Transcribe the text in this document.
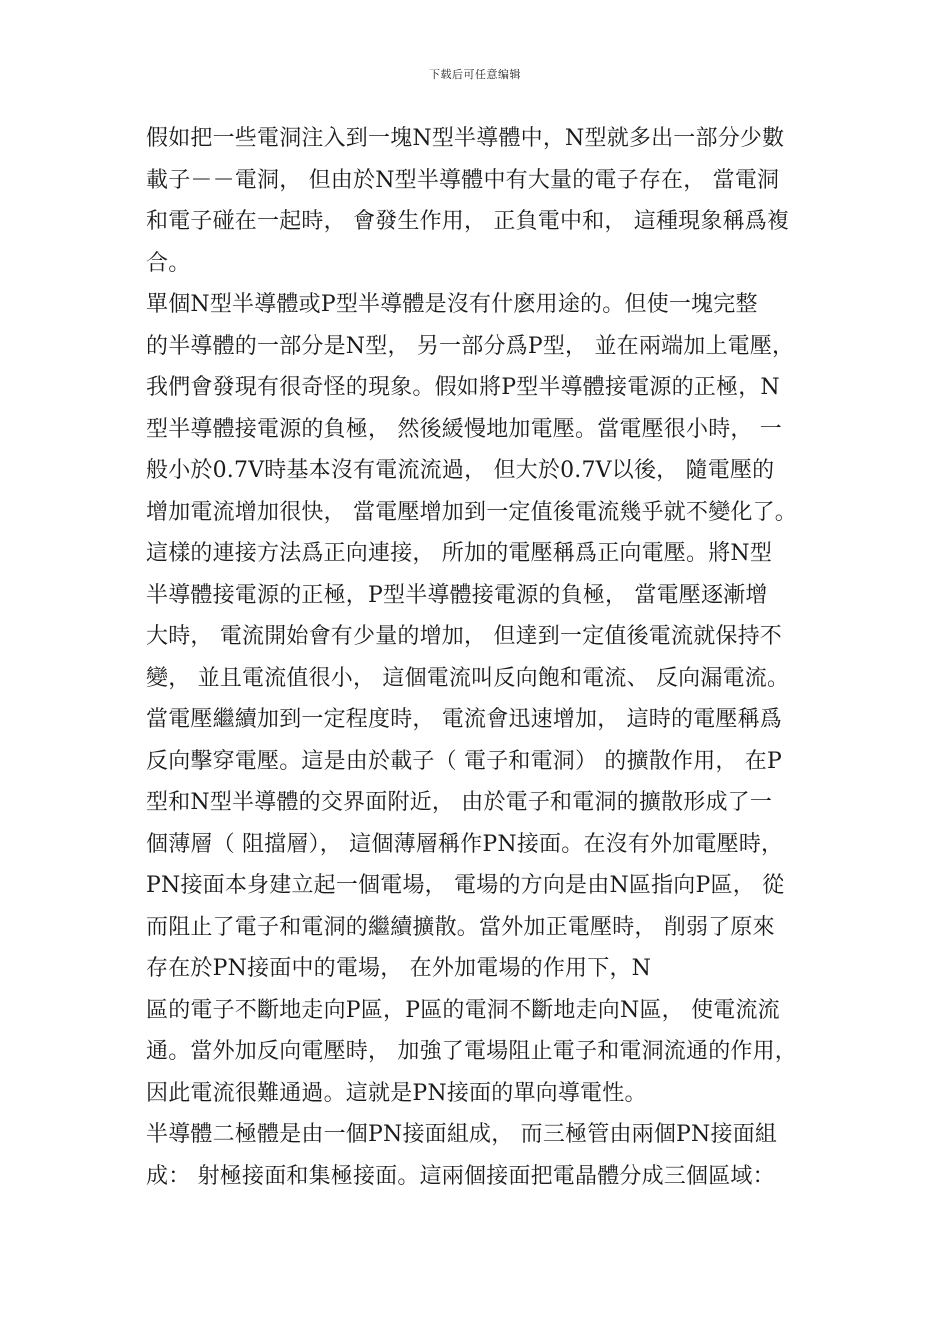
下载后可任意编辑
假如把一些電洞注入到一塊N型半導體中，N型就多出一部分少數
載子－－電洞， 但由於N型半導體中有大量的電子存在， 當電洞
和電子碰在一起時， 會發生作用， 正負電中和， 這種現象稱爲複
合。
單個N型半導體或P型半導體是沒有什麽用途的。但使一塊完整
的半導體的一部分是N型， 另一部分爲P型， 並在兩端加上電壓，
我們會發現有很奇怪的現象。假如將P型半導體接電源的正極，N
型半導體接電源的負極， 然後緩慢地加電壓。當電壓很小時， 一
般小於0.7V時基本沒有電流流過， 但大於0.7V以後， 隨電壓的
增加電流增加很快， 當電壓增加到一定值後電流幾乎就不變化了。
這樣的連接方法爲正向連接， 所加的電壓稱爲正向電壓。將N型
半導體接電源的正極，P型半導體接電源的負極， 當電壓逐漸增
大時， 電流開始會有少量的增加， 但達到一定值後電流就保持不
變， 並且電流值很小， 這個電流叫反向飽和電流、 反向漏電流。
當電壓繼續加到一定程度時， 電流會迅速增加， 這時的電壓稱爲
反向擊穿電壓。這是由於載子（ 電子和電洞） 的擴散作用， 在P
型和N型半導體的交界面附近， 由於電子和電洞的擴散形成了一
個薄層（ 阻擋層）， 這個薄層稱作PN接面。在沒有外加電壓時，
PN接面本身建立起一個電場， 電場的方向是由N區指向P區， 從
而阻止了電子和電洞的繼續擴散。當外加正電壓時， 削弱了原來
存在於PN接面中的電場， 在外加電場的作用下，N
區的電子不斷地走向P區，P區的電洞不斷地走向N區， 使電流流
通。當外加反向電壓時， 加強了電場阻止電子和電洞流通的作用，
因此電流很難通過。這就是PN接面的單向導電性。
半導體二極體是由一個PN接面組成， 而三極管由兩個PN接面組
成： 射極接面和集極接面。這兩個接面把電晶體分成三個區域：
